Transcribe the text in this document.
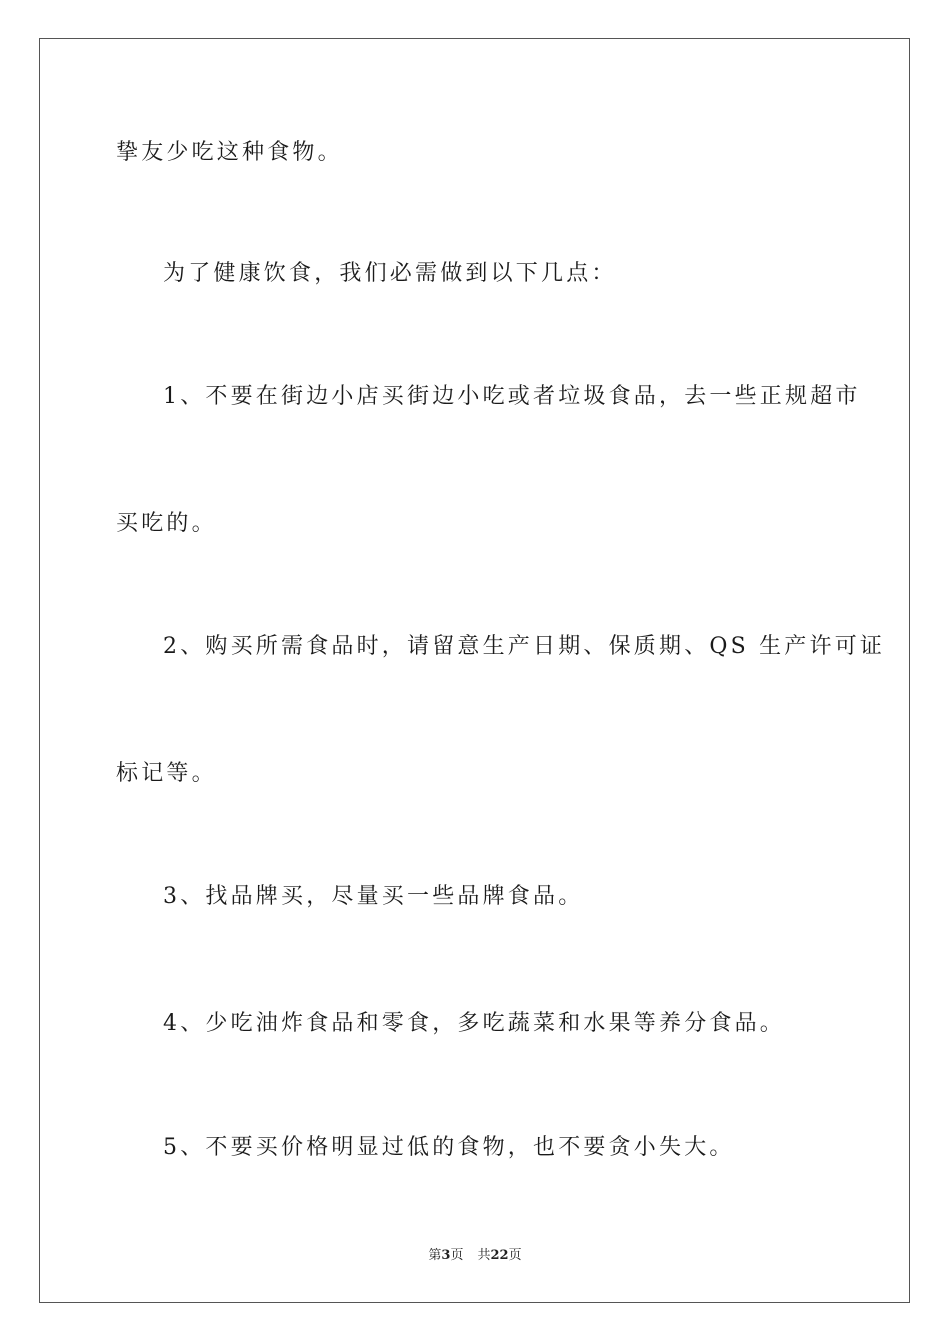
挚友少吃这种食物。
为了健康饮食，我们必需做到以下几点：
1、不要在街边小店买街边小吃或者垃圾食品，去一些正规超市
买吃的。
2、购买所需食品时，请留意生产日期、保质期、QS 生产许可证
标记等。
3、找品牌买，尽量买一些品牌食品。
4、少吃油炸食品和零食，多吃蔬菜和水果等养分食品。
5、不要买价格明显过低的食物，也不要贪小失大。
第3页 共22页
